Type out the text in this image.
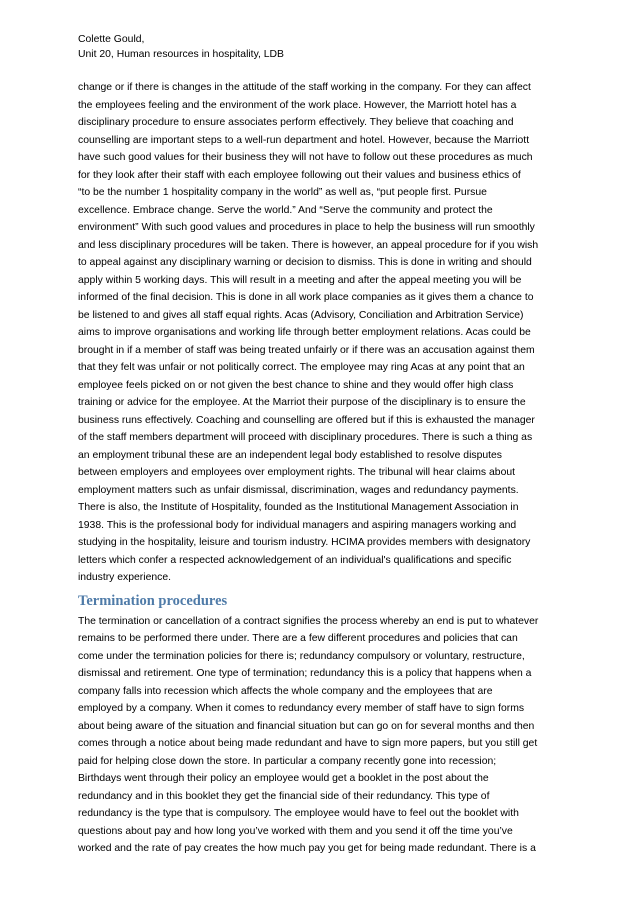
Colette Gould,
Unit 20, Human resources in hospitality, LDB
change or if there is changes in the attitude of the staff working in the company. For they can affect
the employees feeling and the environment of the work place. However, the Marriott hotel has a
disciplinary procedure to ensure associates perform effectively. They believe that coaching and
counselling are important steps to a well-run department and hotel. However, because the Marriott
have such good values for their business they will not have to follow out these procedures as much
for they look after their staff with each employee following out their values and business ethics of
“to be the number 1 hospitality company in the world” as well as, “put people first. Pursue
excellence. Embrace change. Serve the world.” And “Serve the community and protect the
environment” With such good values and procedures in place to help the business will run smoothly
and less disciplinary procedures will be taken. There is however, an appeal procedure for if you wish
to appeal against any disciplinary warning or decision to dismiss. This is done in writing and should
apply within 5 working days. This will result in a meeting and after the appeal meeting you will be
informed of the final decision. This is done in all work place companies as it gives them a chance to
be listened to and gives all staff equal rights. Acas (Advisory, Conciliation and Arbitration Service)
aims to improve organisations and working life through better employment relations. Acas could be
brought in if a member of staff was being treated unfairly or if there was an accusation against them
that they felt was unfair or not politically correct. The employee may ring Acas at any point that an
employee feels picked on or not given the best chance to shine and they would offer high class
training or advice for the employee. At the Marriot their purpose of the disciplinary is to ensure the
business runs effectively. Coaching and counselling are offered but if this is exhausted the manager
of the staff members department will proceed with disciplinary procedures. There is such a thing as
an employment tribunal these are an independent legal body established to resolve disputes
between employers and employees over employment rights. The tribunal will hear claims about
employment matters such as unfair dismissal, discrimination, wages and redundancy payments.
There is also, the Institute of Hospitality, founded as the Institutional Management Association in
1938. This is the professional body for individual managers and aspiring managers working and
studying in the hospitality, leisure and tourism industry. HCIMA provides members with designatory
letters which confer a respected acknowledgement of an individual's qualifications and specific
industry experience.
Termination procedures
The termination or cancellation of a contract signifies the process whereby an end is put to whatever
remains to be performed there under. There are a few different procedures and policies that can
come under the termination policies for there is; redundancy compulsory or voluntary, restructure,
dismissal and retirement. One type of termination; redundancy this is a policy that happens when a
company falls into recession which affects the whole company and the employees that are
employed by a company. When it comes to redundancy every member of staff have to sign forms
about being aware of the situation and financial situation but can go on for several months and then
comes through a notice about being made redundant and have to sign more papers, but you still get
paid for helping close down the store. In particular a company recently gone into recession;
Birthdays went through their policy an employee would get a booklet in the post about the
redundancy and in this booklet they get the financial side of their redundancy. This type of
redundancy is the type that is compulsory. The employee would have to feel out the booklet with
questions about pay and how long you’ve worked with them and you send it off the time you’ve
worked and the rate of pay creates the how much pay you get for being made redundant. There is a
